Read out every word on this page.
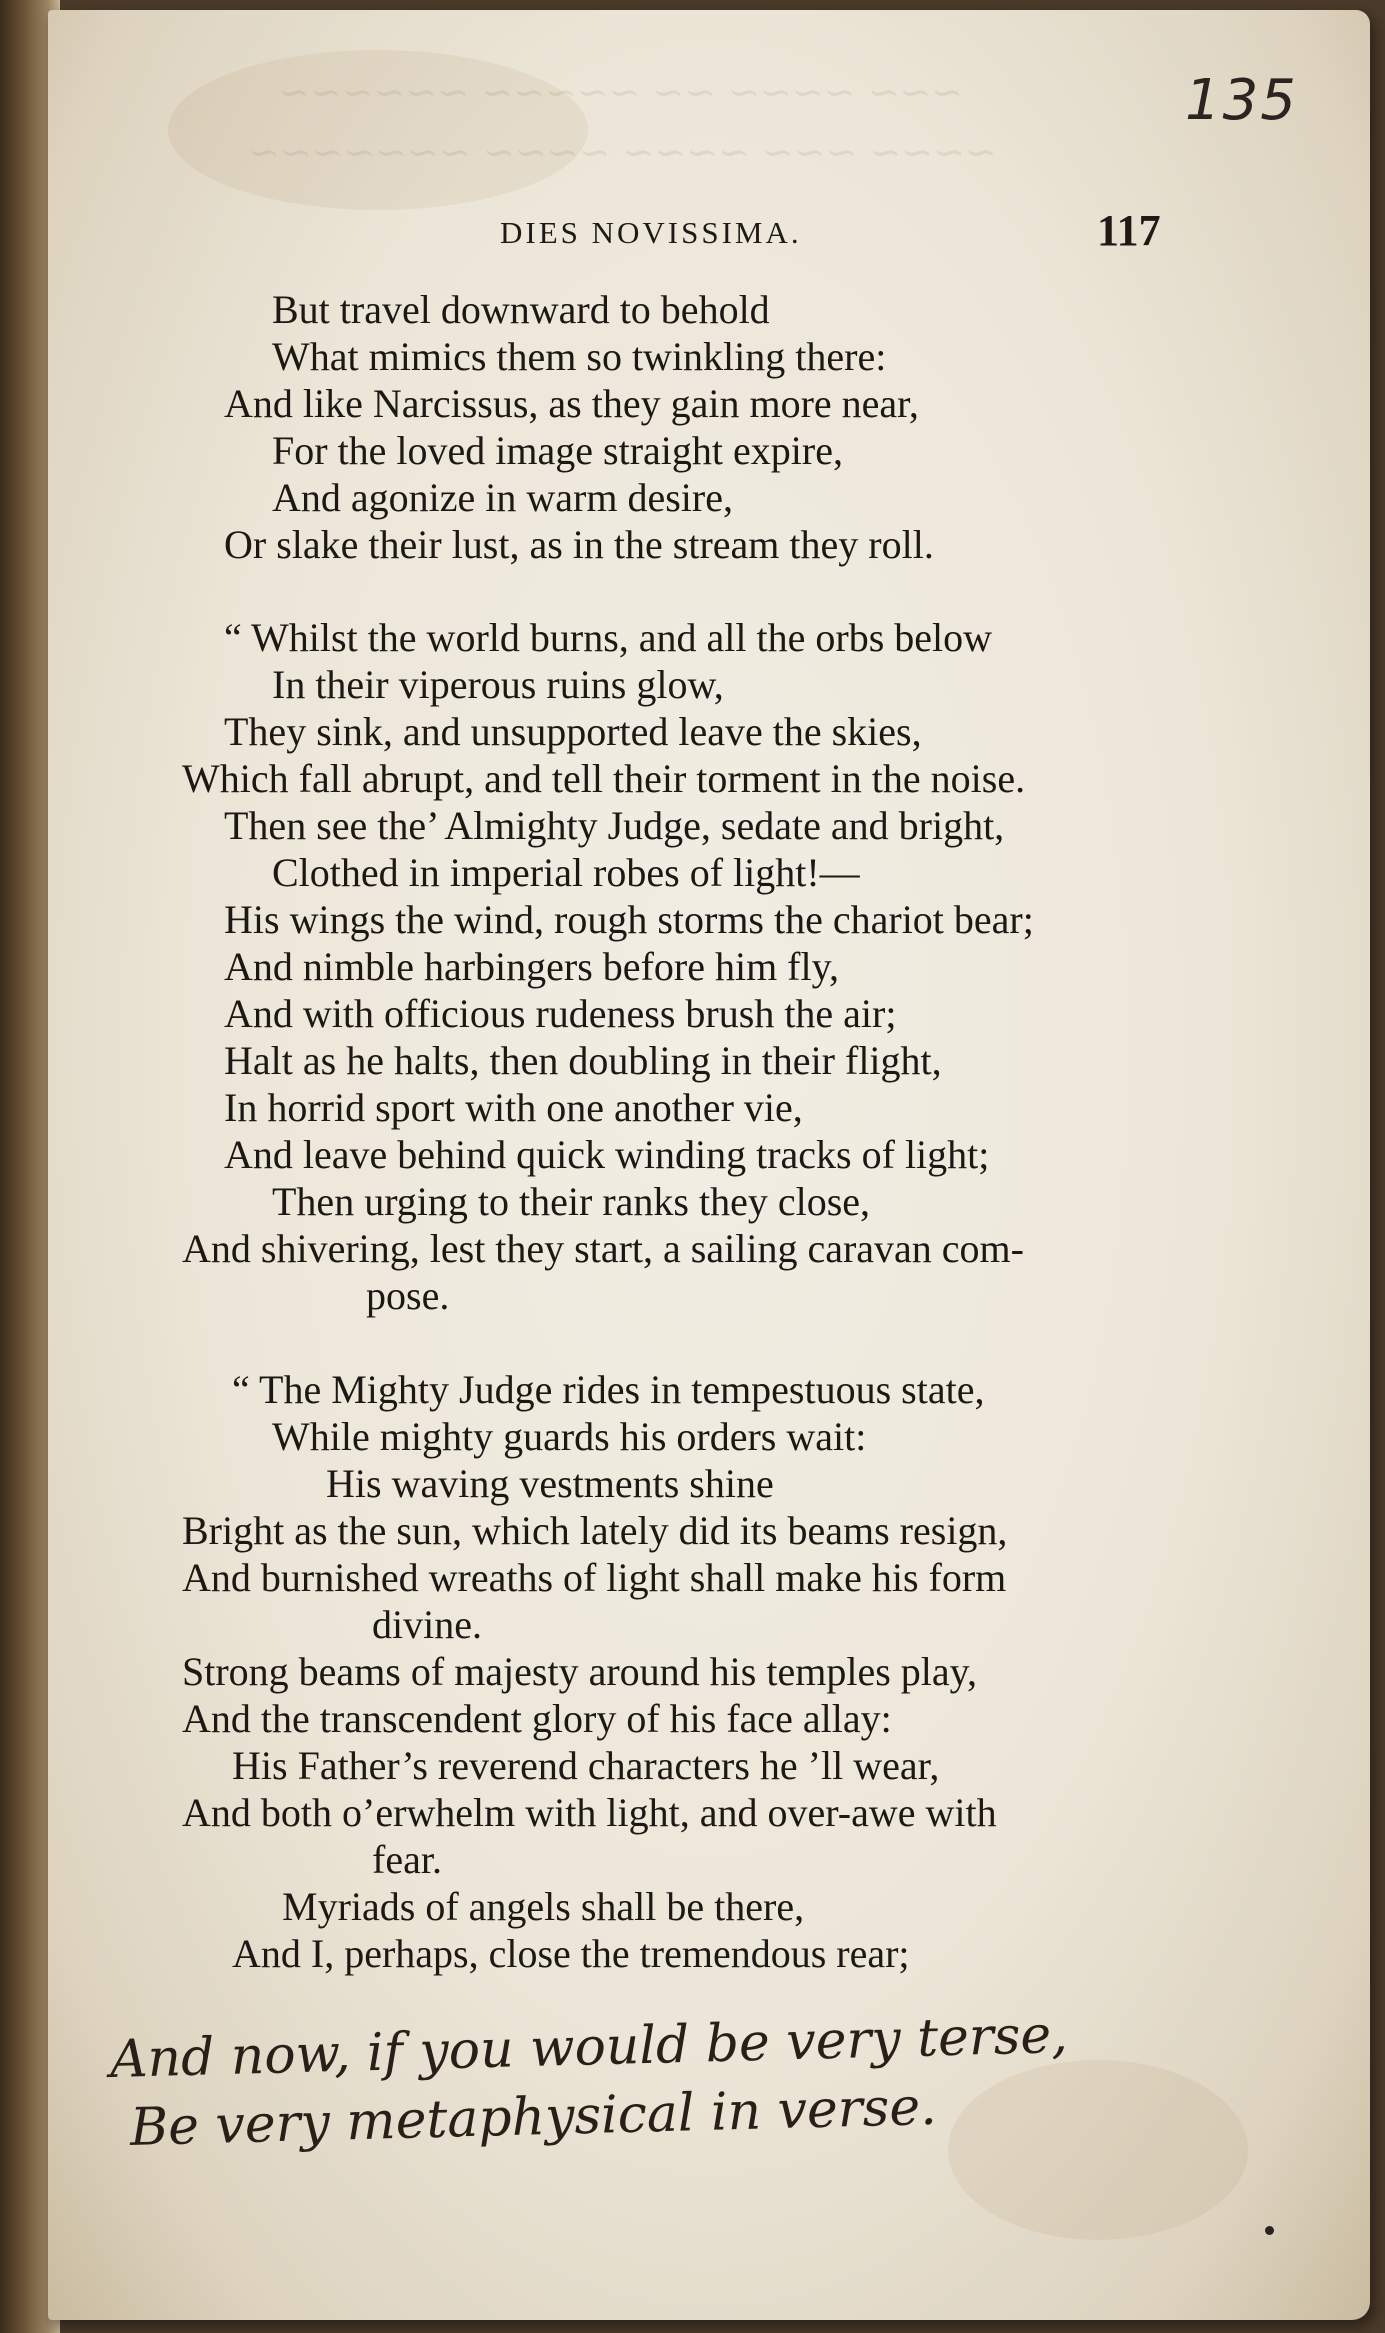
~~~ ~~~~ ~~ ~~~~~ ~~~~~~
~~~~ ~~~ ~~~~ ~~~~ ~~~~~~~
135
DIES NOVISSIMA.	117
But travel downward to behold
What mimics them so twinkling there:
And like Narcissus, as they gain more near,
For the loved image straight expire,
And agonize in warm desire,
Or slake their lust, as in the stream they roll.
“ Whilst the world burns, and all the orbs below
In their viperous ruins glow,
They sink, and unsupported leave the skies,
Which fall abrupt, and tell their torment in the noise.
Then see the’ Almighty Judge, sedate and bright,
Clothed in imperial robes of light!—
His wings the wind, rough storms the chariot bear;
And nimble harbingers before him fly,
And with officious rudeness brush the air;
Halt as he halts, then doubling in their flight,
In horrid sport with one another vie,
And leave behind quick winding tracks of light;
Then urging to their ranks they close,
And shivering, lest they start, a sailing caravan com-
pose.
“ The Mighty Judge rides in tempestuous state,
While mighty guards his orders wait:
His waving vestments shine
Bright as the sun, which lately did its beams resign,
And burnished wreaths of light shall make his form
divine.
Strong beams of majesty around his temples play,
And the transcendent glory of his face allay:
His Father’s reverend characters he ’ll wear,
And both o’erwhelm with light, and over-awe with
fear.
Myriads of angels shall be there,
And I, perhaps, close the tremendous rear;
And now, if you would be very terse,
Be very metaphysical in verse.
